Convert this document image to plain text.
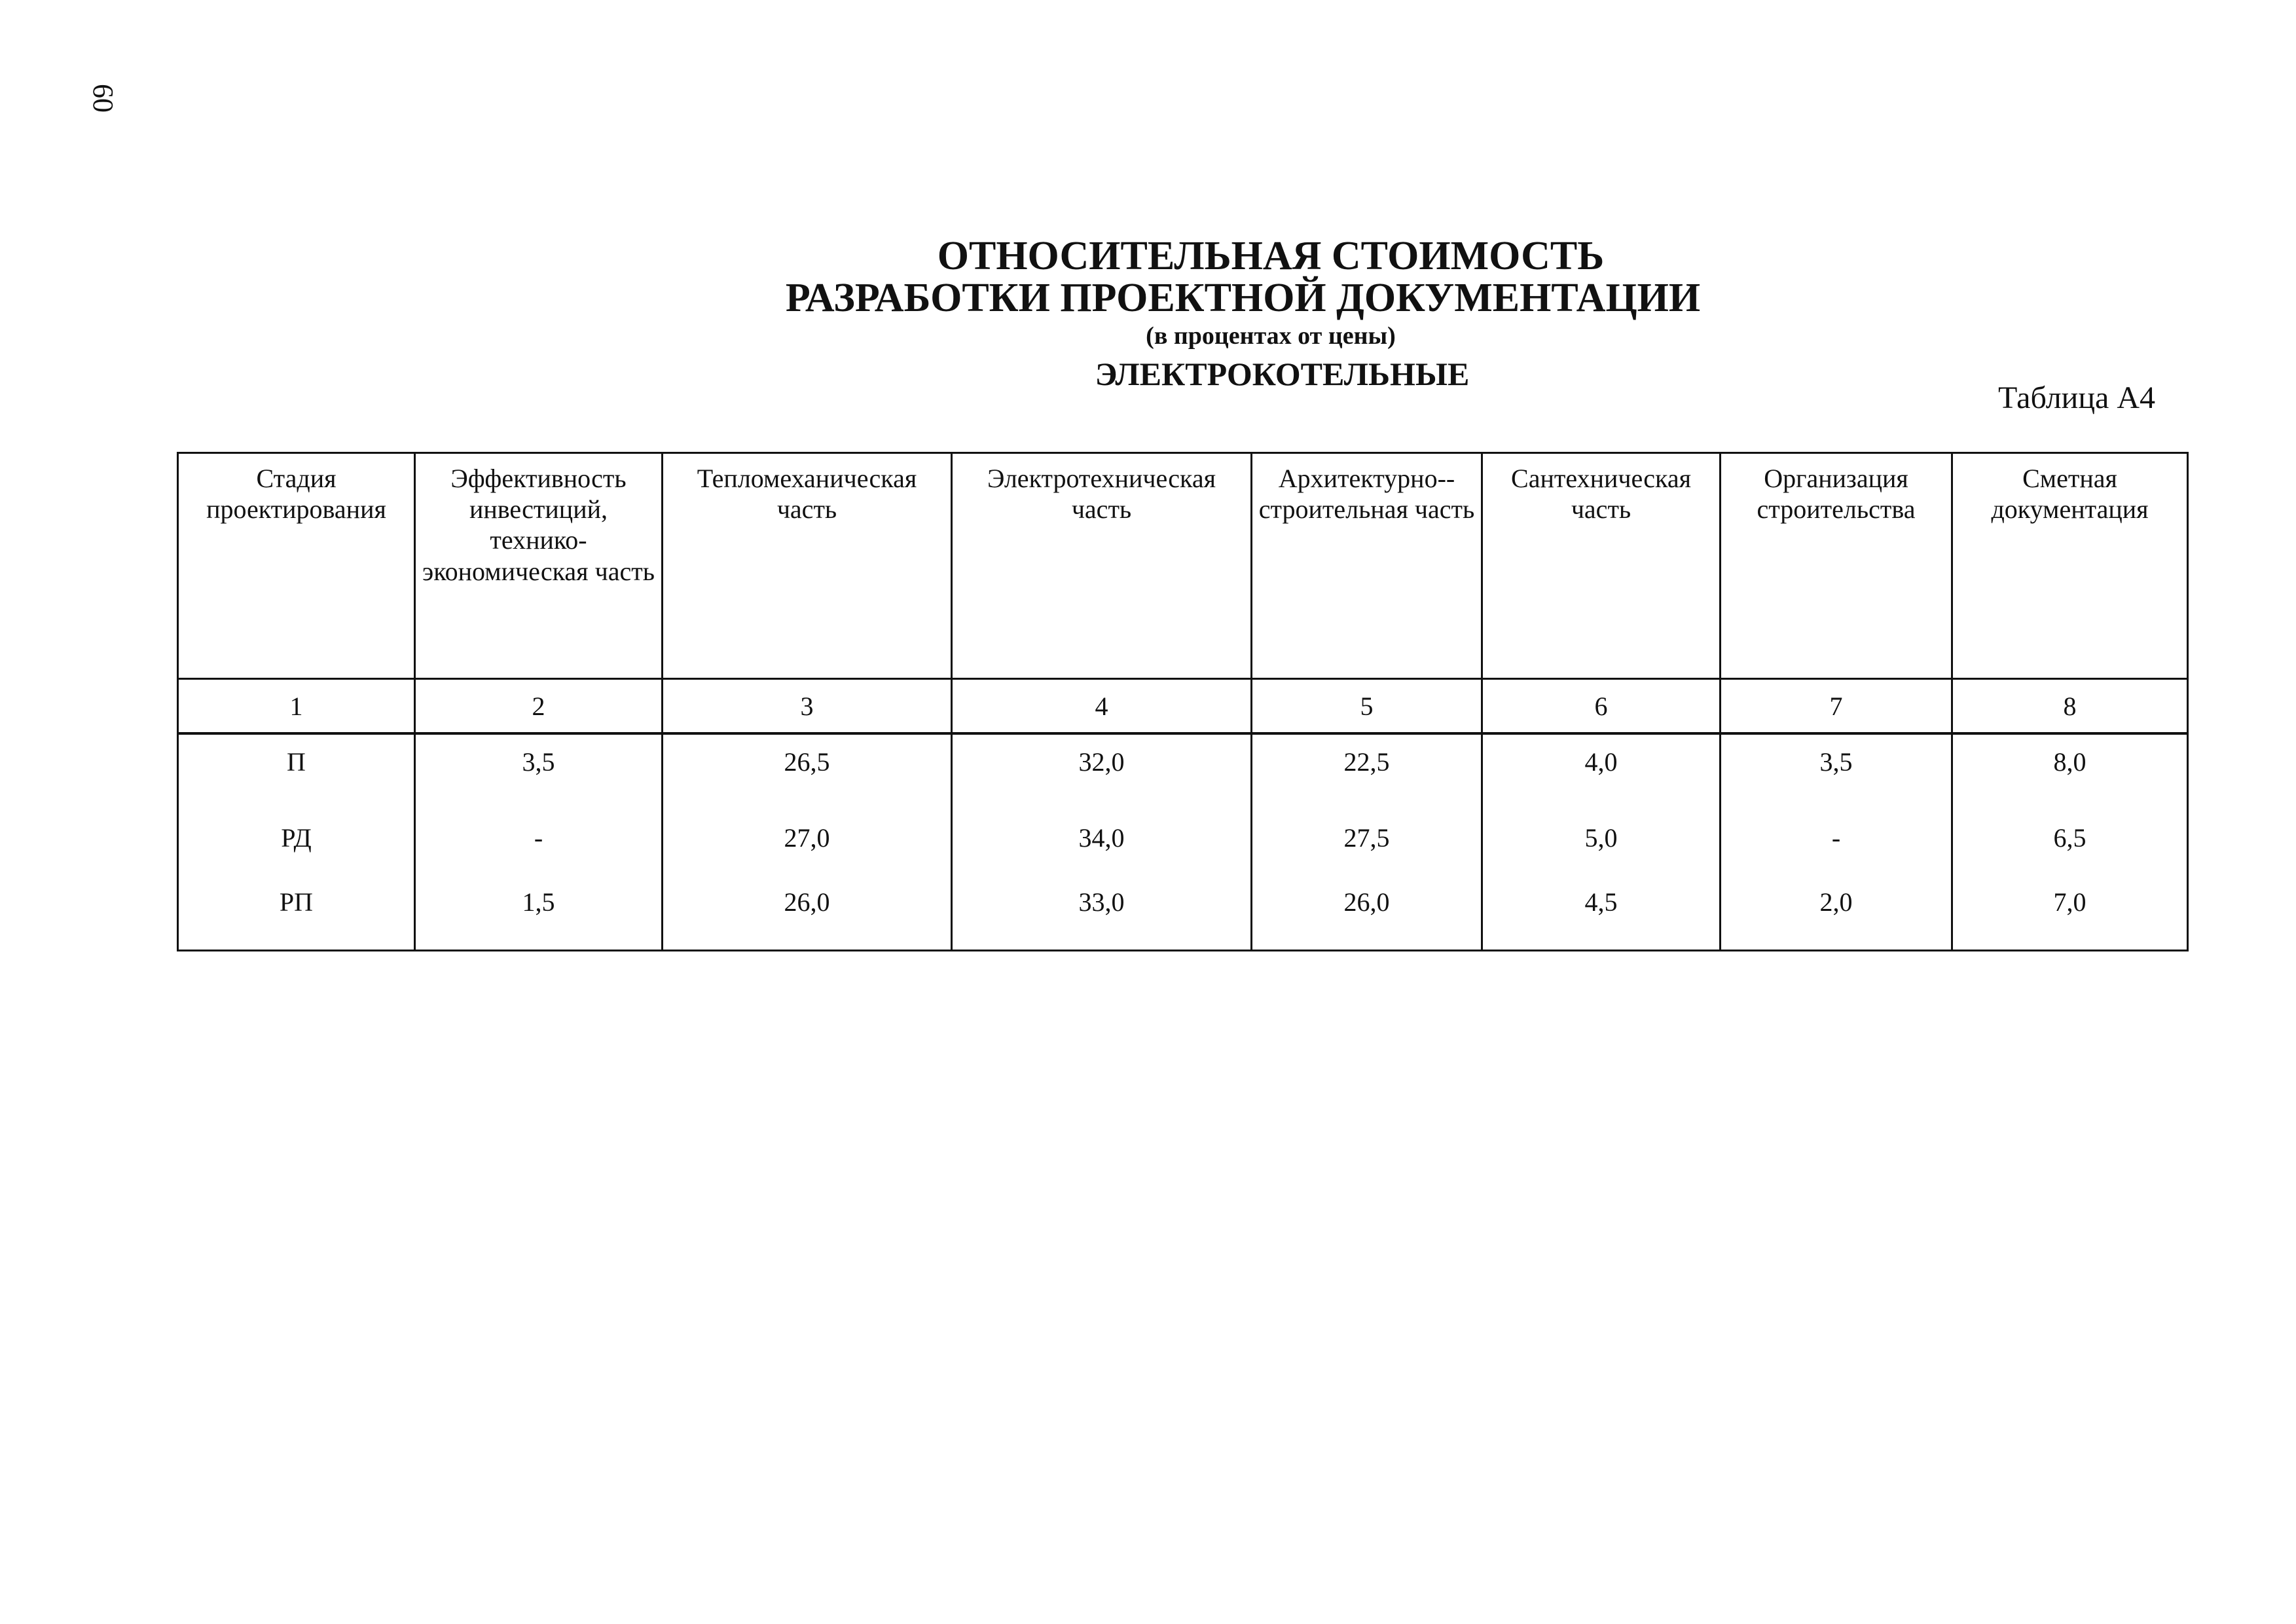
60
ОТНОСИТЕЛЬНАЯ СТОИМОСТЬ
РАЗРАБОТКИ ПРОЕКТНОЙ ДОКУМЕНТАЦИИ
(в процентах от цены)
ЭЛЕКТРОКОТЕЛЬНЫЕ
Таблица А4
Стадия проектирования	Эффективность инвестиций, технико-экономическая часть	Тепломеханическая часть	Электротехническая часть	Архитектурно--строительная часть	Сантехническая часть	Организация строительства	Сметная документация
1	2	3	4	5	6	7	8
П	3,5	26,5	32,0	22,5	4,0	3,5	8,0
РД	-	27,0	34,0	27,5	5,0	-	6,5
РП	1,5	26,0	33,0	26,0	4,5	2,0	7,0
